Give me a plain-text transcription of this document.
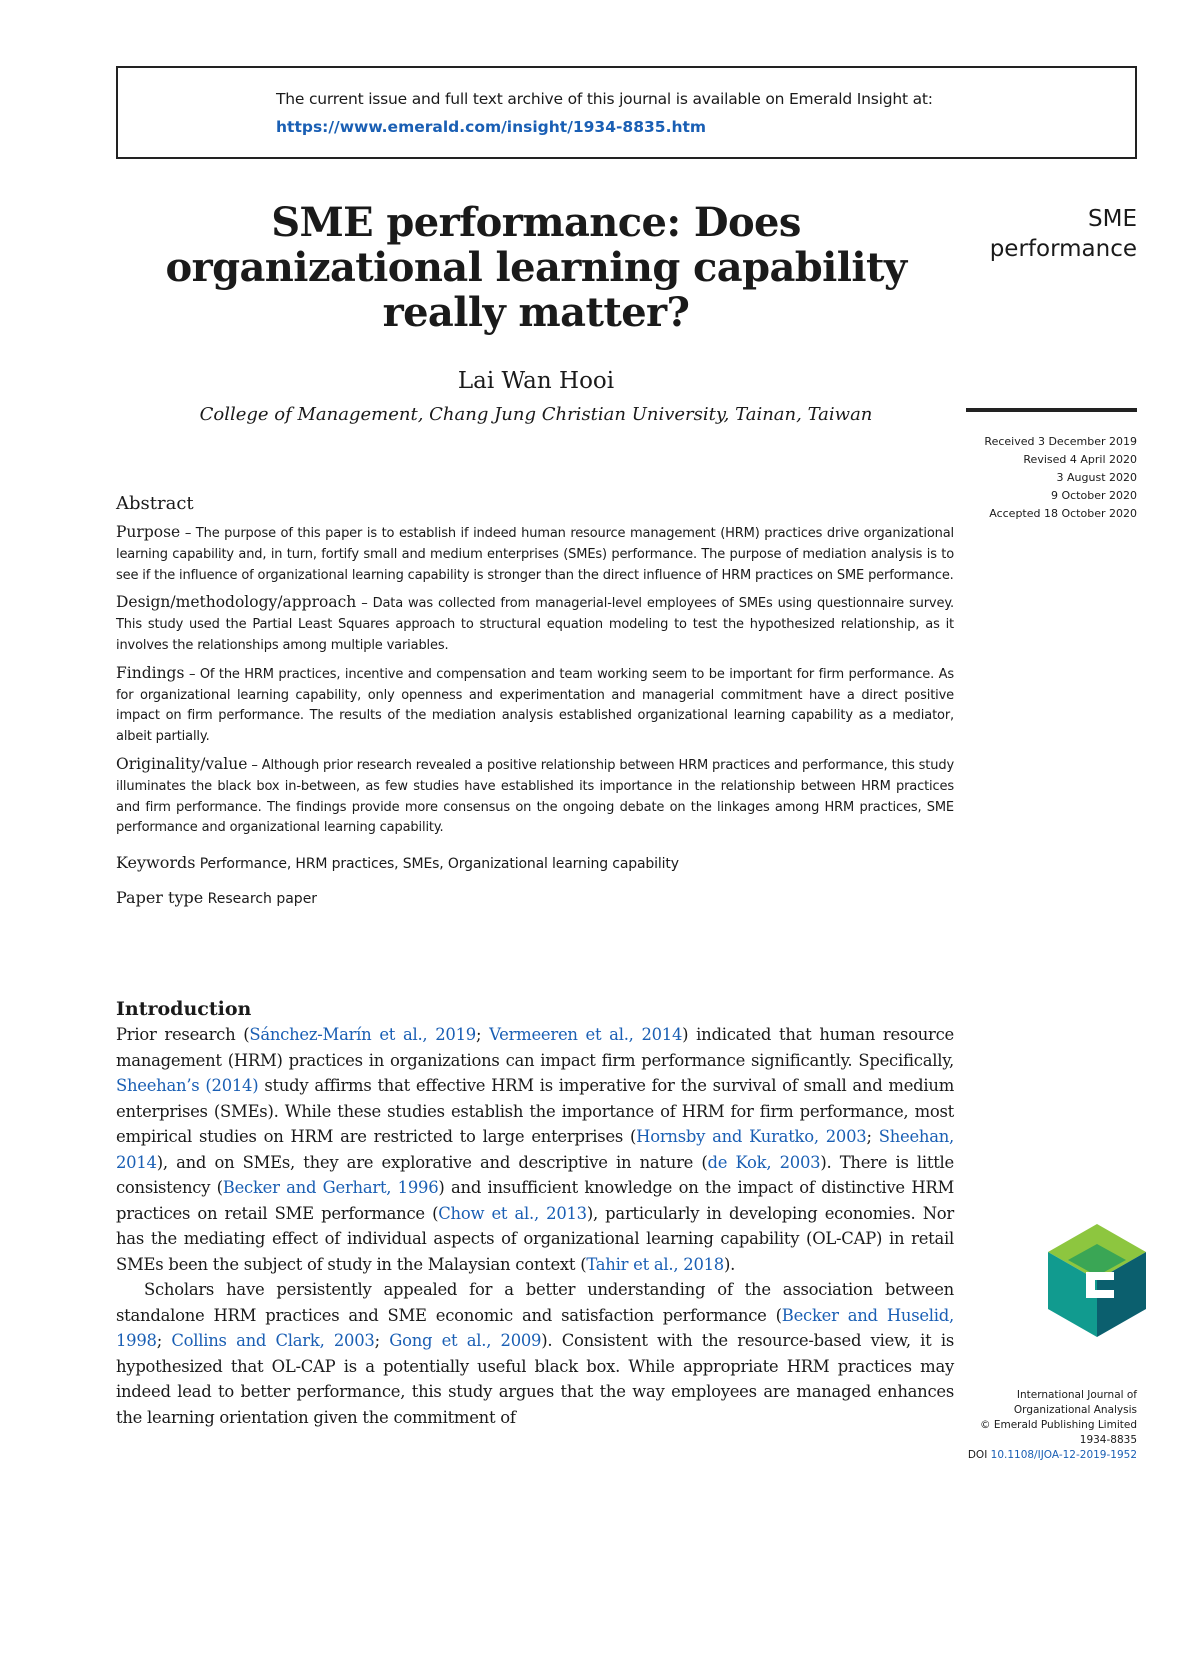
The current issue and full text archive of this journal is available on Emerald Insight at:
https://www.emerald.com/insight/1934-8835.htm
SME performance: Does
organizational learning capability
really matter?

Lai Wan Hooi

College of Management, Chang Jung Christian University, Tainan, Taiwan

SME
performance
Received 3 December 2019
Revised 4 April 2020
3 August 2020
9 October 2020
Accepted 18 October 2020
Abstract

Purpose – The purpose of this paper is to establish if indeed human resource management (HRM) practices drive organizational learning capability and, in turn, fortify small and medium enterprises (SMEs) performance. The purpose of mediation analysis is to see if the influence of organizational learning capability is stronger than the direct influence of HRM practices on SME performance.

Design/methodology/approach – Data was collected from managerial-level employees of SMEs using questionnaire survey. This study used the Partial Least Squares approach to structural equation modeling to test the hypothesized relationship, as it involves the relationships among multiple variables.

Findings – Of the HRM practices, incentive and compensation and team working seem to be important for firm performance. As for organizational learning capability, only openness and experimentation and managerial commitment have a direct positive impact on firm performance. The results of the mediation analysis established organizational learning capability as a mediator, albeit partially.

Originality/value – Although prior research revealed a positive relationship between HRM practices and performance, this study illuminates the black box in-between, as few studies have established its importance in the relationship between HRM practices and firm performance. The findings provide more consensus on the ongoing debate on the linkages among HRM practices, SME performance and organizational learning capability.

Keywords Performance, HRM practices, SMEs, Organizational learning capability

Paper type Research paper

Introduction

Prior research (Sánchez-Marín et al., 2019; Vermeeren et al., 2014) indicated that human resource management (HRM) practices in organizations can impact firm performance significantly. Specifically, Sheehan’s (2014) study affirms that effective HRM is imperative for the survival of small and medium enterprises (SMEs). While these studies establish the importance of HRM for firm performance, most empirical studies on HRM are restricted to large enterprises (Hornsby and Kuratko, 2003; Sheehan, 2014), and on SMEs, they are explorative and descriptive in nature (de Kok, 2003). There is little consistency (Becker and Gerhart, 1996) and insufficient knowledge on the impact of distinctive HRM practices on retail SME performance (Chow et al., 2013), particularly in developing economies. Nor has the mediating effect of individual aspects of organizational learning capability (OL-CAP) in retail SMEs been the subject of study in the Malaysian context (Tahir et al., 2018).

Scholars have persistently appealed for a better understanding of the association between standalone HRM practices and SME economic and satisfaction performance (Becker and Huselid, 1998; Collins and Clark, 2003; Gong et al., 2009). Consistent with the resource-based view, it is hypothesized that OL-CAP is a potentially useful black box. While appropriate HRM practices may indeed lead to better performance, this study argues that the way employees are managed enhances the learning orientation given the commitment of

International Journal of
Organizational Analysis
© Emerald Publishing Limited
1934-8835
DOI 10.1108/IJOA-12-2019-1952
